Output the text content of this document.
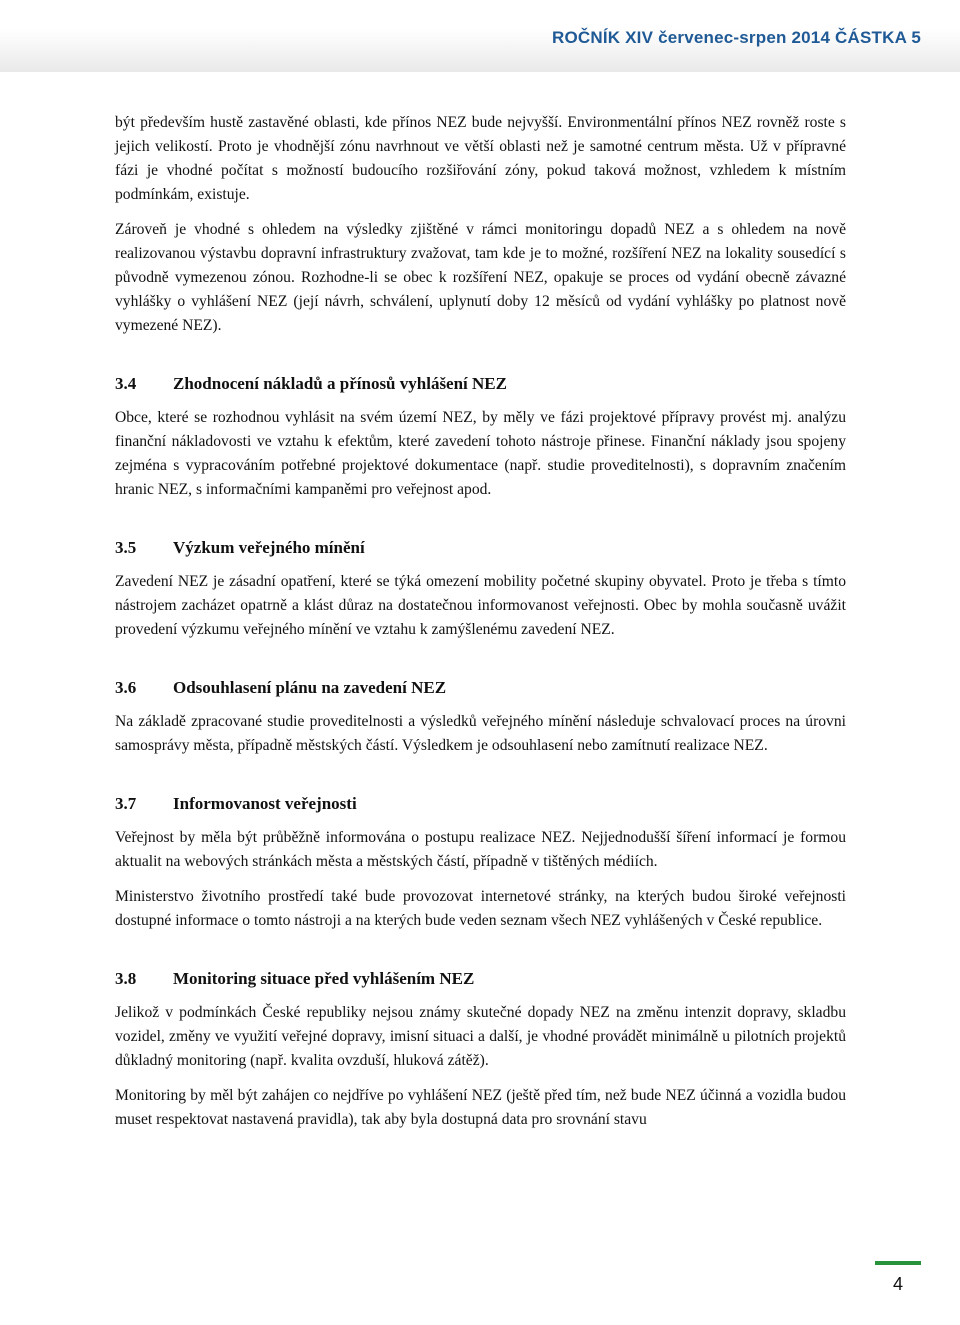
ROČNÍK XIV červenec-srpen 2014 ČÁSTKA 5

být především hustě zastavěné oblasti, kde přínos NEZ bude nejvyšší. Environmentální přínos NEZ rovněž roste s jejich velikostí. Proto je vhodnější zónu navrhnout ve větší oblasti než je samotné centrum města. Už v přípravné fázi je vhodné počítat s možností budoucího rozšiřování zóny, pokud taková možnost, vzhledem k místním podmínkám, existuje.

Zároveň je vhodné s ohledem na výsledky zjištěné v rámci monitoringu dopadů NEZ a s ohledem na nově realizovanou výstavbu dopravní infrastruktury zvažovat, tam kde je to možné, rozšíření NEZ na lokality sousedící s původně vymezenou zónou. Rozhodne-li se obec k rozšíření NEZ, opakuje se proces od vydání obecně závazné vyhlášky o vyhlášení NEZ (její návrh, schválení, uplynutí doby 12 měsíců od vydání vyhlášky po platnost nově vymezené NEZ).

3.4 Zhodnocení nákladů a přínosů vyhlášení NEZ

Obce, které se rozhodnou vyhlásit na svém území NEZ, by měly ve fázi projektové přípravy provést mj. analýzu finanční nákladovosti ve vztahu k efektům, které zavedení tohoto nástroje přinese. Finanční náklady jsou spojeny zejména s vypracováním potřebné projektové dokumentace (např. studie proveditelnosti), s dopravním značením hranic NEZ, s informačními kampaněmi pro veřejnost apod.

3.5 Výzkum veřejného mínění

Zavedení NEZ je zásadní opatření, které se týká omezení mobility početné skupiny obyvatel. Proto je třeba s tímto nástrojem zacházet opatrně a klást důraz na dostatečnou informovanost veřejnosti. Obec by mohla současně uvážit provedení výzkumu veřejného mínění ve vztahu k zamýšlenému zavedení NEZ.

3.6 Odsouhlasení plánu na zavedení NEZ

Na základě zpracované studie proveditelnosti a výsledků veřejného mínění následuje schvalovací proces na úrovni samosprávy města, případně městských částí. Výsledkem je odsouhlasení nebo zamítnutí realizace NEZ.

3.7 Informovanost veřejnosti

Veřejnost by měla být průběžně informována o postupu realizace NEZ. Nejjednodušší šíření informací je formou aktualit na webových stránkách města a městských částí, případně v tištěných médiích.

Ministerstvo životního prostředí také bude provozovat internetové stránky, na kterých budou široké veřejnosti dostupné informace o tomto nástroji a na kterých bude veden seznam všech NEZ vyhlášených v České republice.

3.8 Monitoring situace před vyhlášením NEZ

Jelikož v podmínkách České republiky nejsou známy skutečné dopady NEZ na změnu intenzit dopravy, skladbu vozidel, změny ve využití veřejné dopravy, imisní situaci a další, je vhodné provádět minimálně u pilotních projektů důkladný monitoring (např. kvalita ovzduší, hluková zátěž).

Monitoring by měl být zahájen co nejdříve po vyhlášení NEZ (ještě před tím, než bude NEZ účinná a vozidla budou muset respektovat nastavená pravidla), tak aby byla dostupná data pro srovnání stavu

4
